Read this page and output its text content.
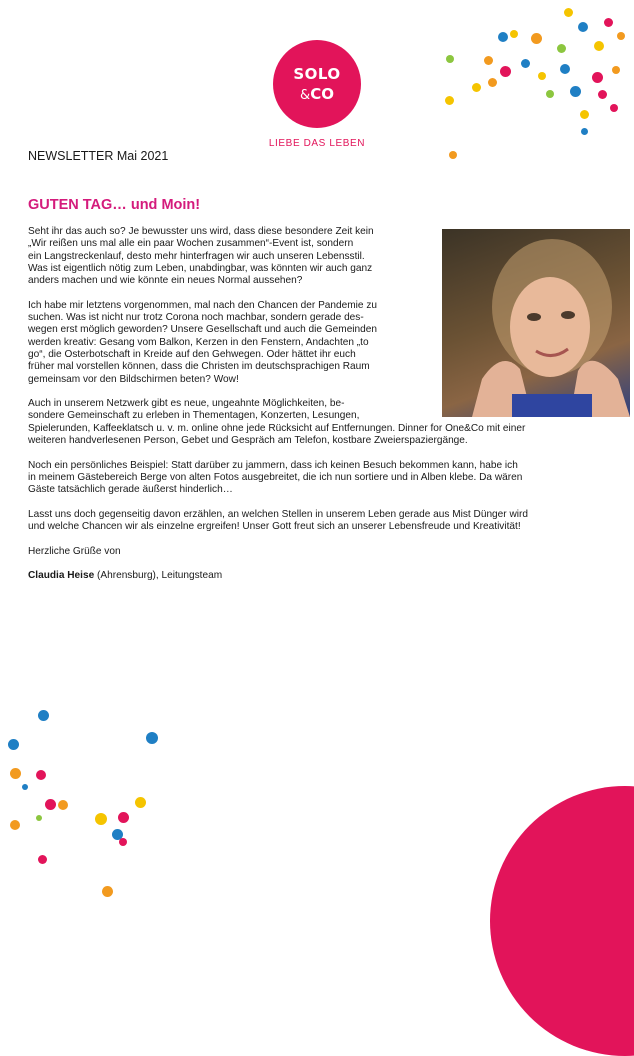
SOLO
&CO
LIEBE DAS LEBEN
NEWSLETTER Mai 2021
GUTEN TAG… und Moin!

Seht ihr das auch so? Je bewusster uns wird, dass diese besondere Zeit kein
„Wir reißen uns mal alle ein paar Wochen zusammen“-Event ist, sondern
ein Langstreckenlauf, desto mehr hinterfragen wir auch unseren Lebensstil.
Was ist eigentlich nötig zum Leben, unabdingbar, was könnten wir auch ganz
anders machen und wie könnte ein neues Normal aussehen?

Ich habe mir letztens vorgenommen, mal nach den Chancen der Pandemie zu
suchen. Was ist nicht nur trotz Corona noch machbar, sondern gerade des-
wegen erst möglich geworden? Unsere Gesellschaft und auch die Gemeinden
werden kreativ: Gesang vom Balkon, Kerzen in den Fenstern, Andachten „to
go“, die Osterbotschaft in Kreide auf den Gehwegen. Oder hättet ihr euch
früher mal vorstellen können, dass die Christen im deutschsprachigen Raum
gemeinsam vor den Bildschirmen beten? Wow!

Auch in unserem Netzwerk gibt es neue, ungeahnte Möglichkeiten, be-
sondere Gemeinschaft zu erleben in Thementagen, Konzerten, Lesungen,
Spielerunden, Kaffeeklatsch u. v. m. online ohne jede Rücksicht auf Entfernungen. Dinner for One&Co mit einer
weiteren handverlesenen Person, Gebet und Gespräch am Telefon, kostbare Zweierspaziergänge.

Noch ein persönliches Beispiel: Statt darüber zu jammern, dass ich keinen Besuch bekommen kann, habe ich
in meinem Gästebereich Berge von alten Fotos ausgebreitet, die ich nun sortiere und in Alben klebe. Da wären
Gäste tatsächlich gerade äußerst hinderlich…

Lasst uns doch gegenseitig davon erzählen, an welchen Stellen in unserem Leben gerade aus Mist Dünger wird
und welche Chancen wir als einzelne ergreifen! Unser Gott freut sich an unserer Lebensfreude und Kreativität!

Herzliche Grüße von

Claudia Heise (Ahrensburg), Leitungsteam
